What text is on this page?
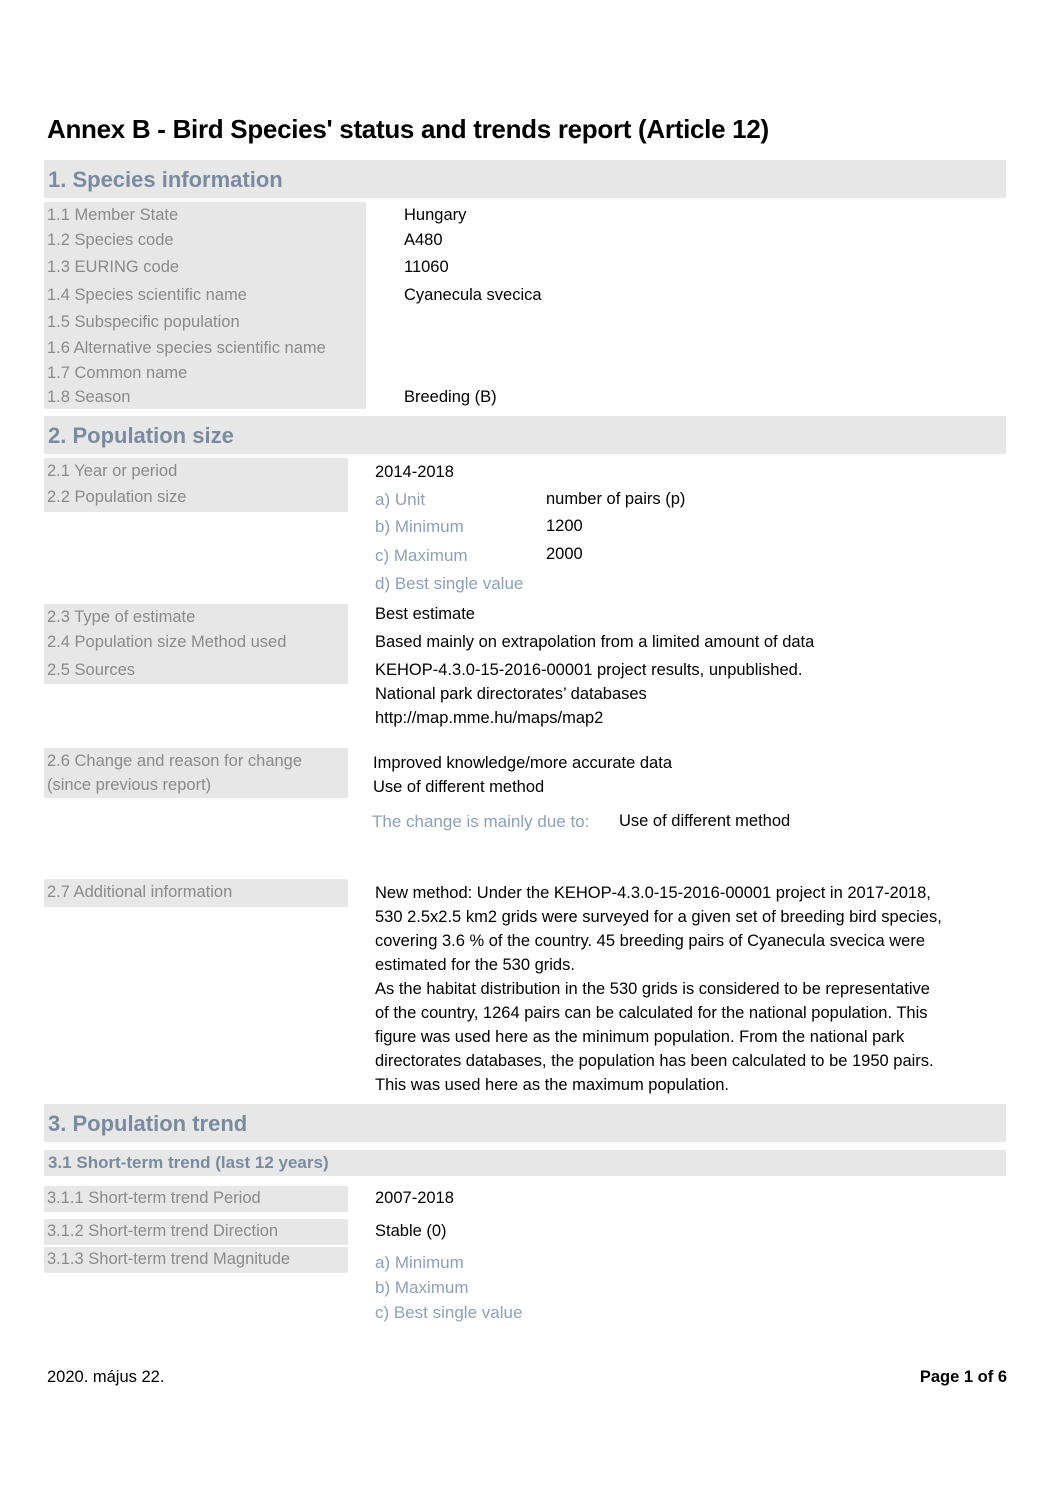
Annex B - Bird Species' status and trends report (Article 12)
1. Species information
1.1 Member State	Hungary
1.2 Species code	A480
1.3 EURING code	11060
1.4 Species scientific name	Cyanecula svecica
1.5 Subspecific population
1.6 Alternative species scientific name
1.7 Common name
1.8 Season	Breeding (B)
2. Population size
2.1 Year or period	2014-2018
2.2 Population size	a) Unit	number of pairs (p)
b) Minimum	1200
c) Maximum	2000
d) Best single value
2.3 Type of estimate	Best estimate
2.4 Population size Method used	Based mainly on extrapolation from a limited amount of data
2.5 Sources	KEHOP-4.3.0-15-2016-00001 project results, unpublished.
National park directorates’ databases
http://map.mme.hu/maps/map2
2.6 Change and reason for change
(since previous report)
Improved knowledge/more accurate data
Use of different method
The change is mainly due to: Use of different method
2.7 Additional information	New method: Under the KEHOP-4.3.0-15-2016-00001 project in 2017-2018,
530 2.5x2.5 km2 grids were surveyed for a given set of breeding bird species,
covering 3.6 % of the country. 45 breeding pairs of Cyanecula svecica were
estimated for the 530 grids.
As the habitat distribution in the 530 grids is considered to be representative
of the country, 1264 pairs can be calculated for the national population. This
figure was used here as the minimum population. From the national park
directorates databases, the population has been calculated to be 1950 pairs.
This was used here as the maximum population.
3. Population trend
3.1 Short-term trend (last 12 years)
3.1.1 Short-term trend Period	2007-2018
3.1.2 Short-term trend Direction	Stable (0)
3.1.3 Short-term trend Magnitude	a) Minimum
b) Maximum
c) Best single value
2020. május 22.	Page 1 of 6
